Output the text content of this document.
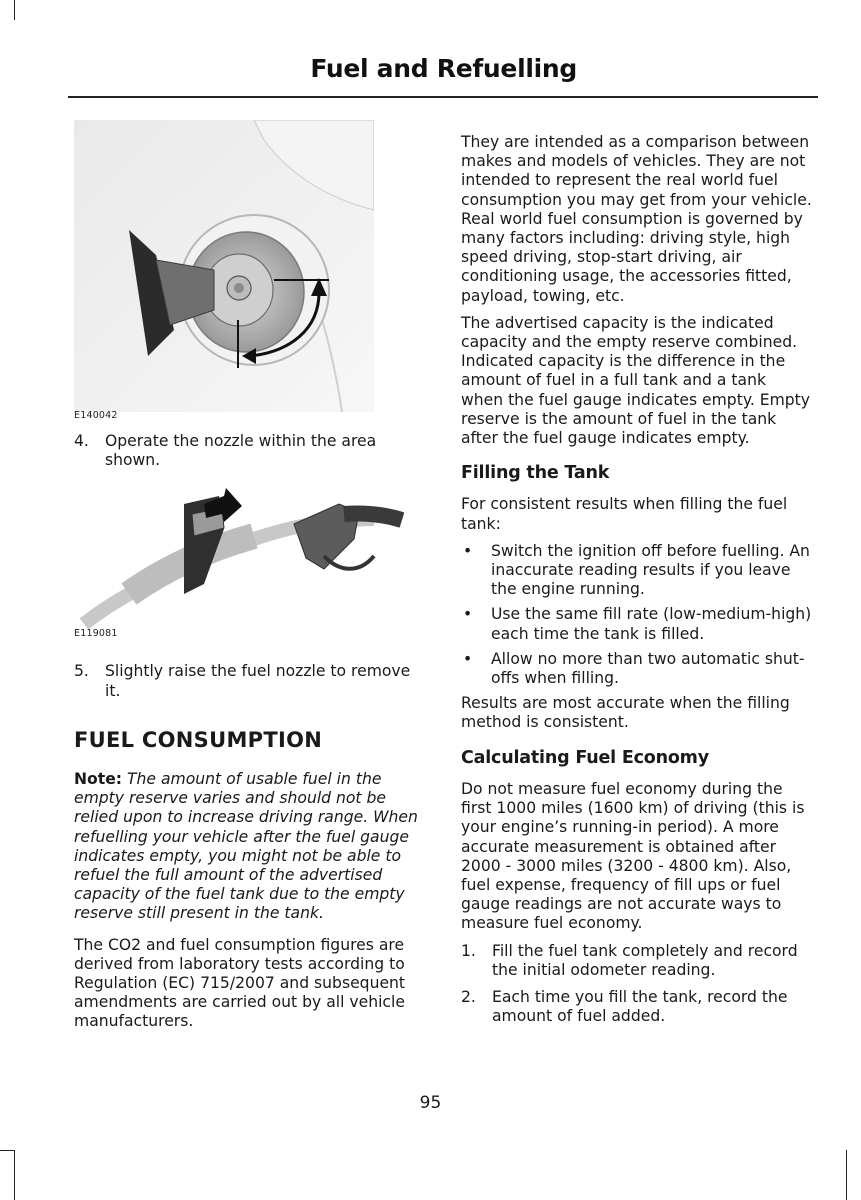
Fuel and Refuelling
E140042
4. Operate the nozzle within the area shown.
E119081
5. Slightly raise the fuel nozzle to remove it.
FUEL CONSUMPTION

Note: The amount of usable fuel in the empty reserve varies and should not be relied upon to increase driving range. When refuelling your vehicle after the fuel gauge indicates empty, you might not be able to refuel the full amount of the advertised capacity of the fuel tank due to the empty reserve still present in the tank.

The CO2 and fuel consumption figures are derived from laboratory tests according to Regulation (EC) 715/2007 and subsequent amendments are carried out by all vehicle manufacturers.

They are intended as a comparison between makes and models of vehicles. They are not intended to represent the real world fuel consumption you may get from your vehicle. Real world fuel consumption is governed by many factors including: driving style, high speed driving, stop-start driving, air conditioning usage, the accessories fitted, payload, towing, etc.

The advertised capacity is the indicated capacity and the empty reserve combined. Indicated capacity is the difference in the amount of fuel in a full tank and a tank when the fuel gauge indicates empty. Empty reserve is the amount of fuel in the tank after the fuel gauge indicates empty.

Filling the Tank

For consistent results when filling the fuel tank:

• Switch the ignition off before fuelling. An inaccurate reading results if you leave the engine running.
• Use the same fill rate (low-medium-high) each time the tank is filled.
• Allow no more than two automatic shut-offs when filling.

Results are most accurate when the filling method is consistent.

Calculating Fuel Economy

Do not measure fuel economy during the first 1000 miles (1600 km) of driving (this is your engine’s running-in period). A more accurate measurement is obtained after 2000 - 3000 miles (3200 - 4800 km). Also, fuel expense, frequency of fill ups or fuel gauge readings are not accurate ways to measure fuel economy.

1. Fill the fuel tank completely and record the initial odometer reading.
2. Each time you fill the tank, record the amount of fuel added.
95
